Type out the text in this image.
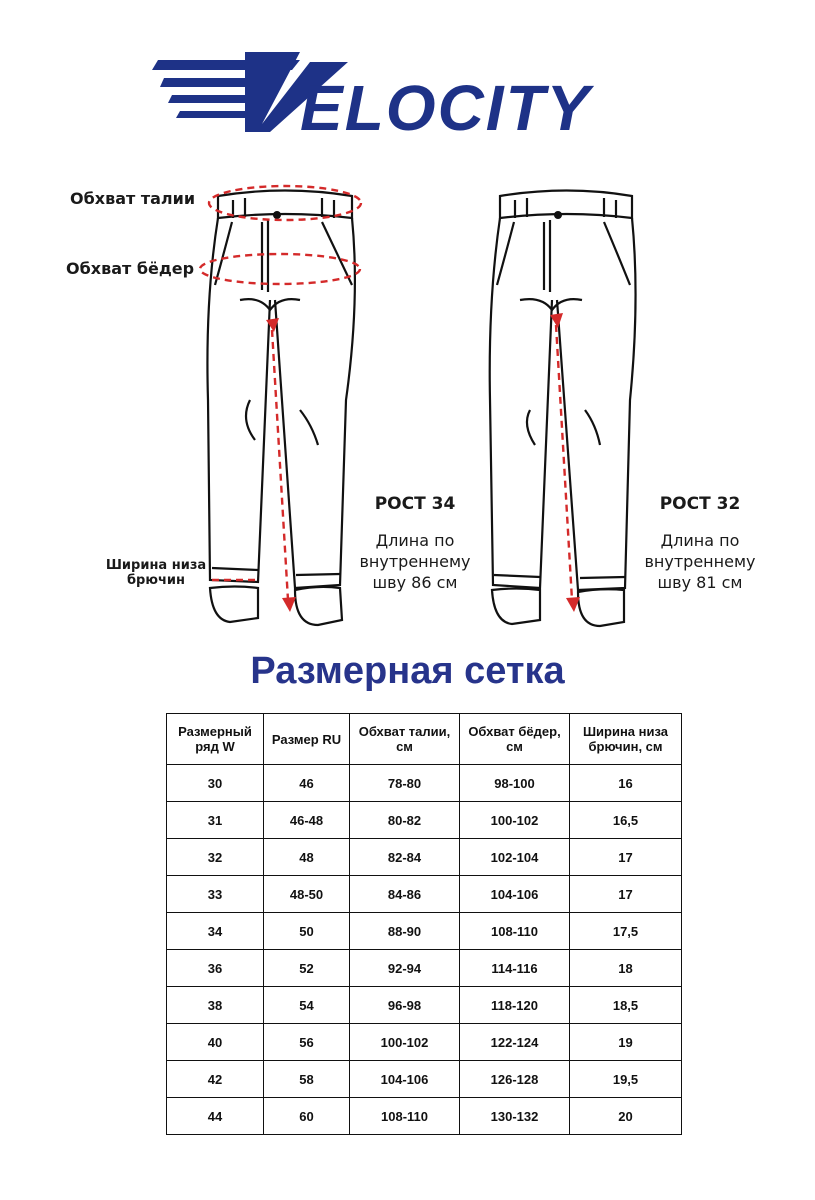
ELOCITY
Обхват талии
Обхват бёдер
Ширина низа брючин
РОСТ 34
Длина по внутреннему шву 86 см
РОСТ 32
Длина по внутреннему шву 81 см
Размерная сетка
Размерный ряд W	Размер RU	Обхват талии, см	Обхват бёдер, см	Ширина низа брючин, см
30	46	78-80	98-100	16
31	46-48	80-82	100-102	16,5
32	48	82-84	102-104	17
33	48-50	84-86	104-106	17
34	50	88-90	108-110	17,5
36	52	92-94	114-116	18
38	54	96-98	118-120	18,5
40	56	100-102	122-124	19
42	58	104-106	126-128	19,5
44	60	108-110	130-132	20
